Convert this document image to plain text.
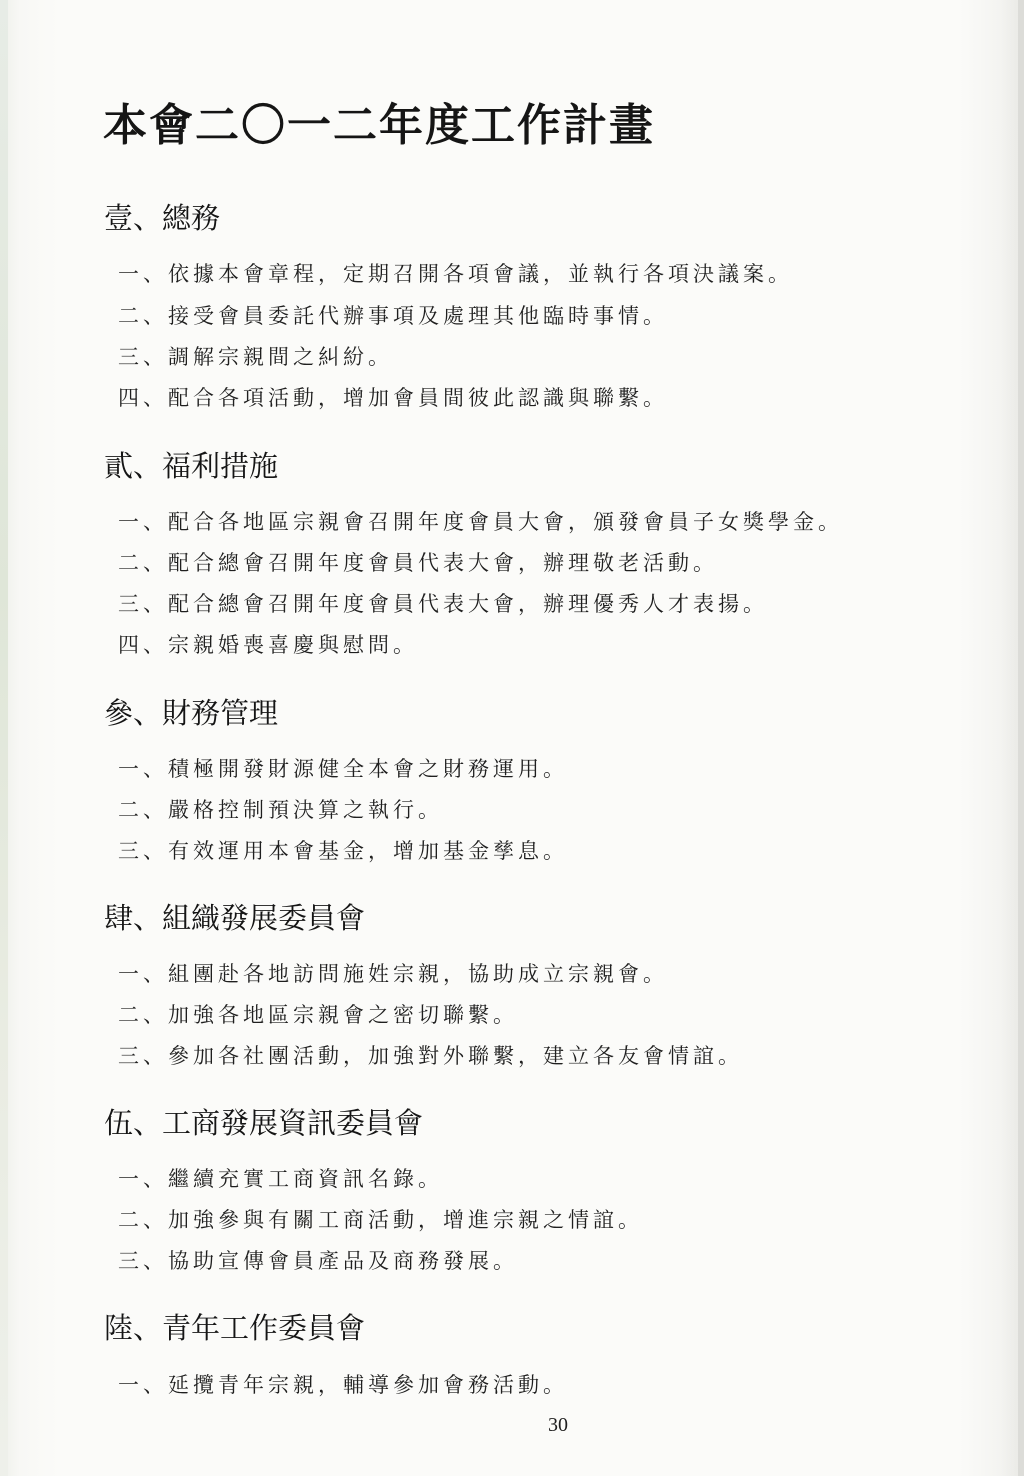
本會二〇一二年度工作計畫
壹、總務
一、依據本會章程，定期召開各項會議，並執行各項決議案。
二、接受會員委託代辦事項及處理其他臨時事情。
三、調解宗親間之糾紛。
四、配合各項活動，增加會員間彼此認識與聯繫。
貳、福利措施
一、配合各地區宗親會召開年度會員大會，頒發會員子女獎學金。
二、配合總會召開年度會員代表大會，辦理敬老活動。
三、配合總會召開年度會員代表大會，辦理優秀人才表揚。
四、宗親婚喪喜慶與慰問。
參、財務管理
一、積極開發財源健全本會之財務運用。
二、嚴格控制預決算之執行。
三、有效運用本會基金，增加基金孳息。
肆、組織發展委員會
一、組團赴各地訪問施姓宗親，協助成立宗親會。
二、加強各地區宗親會之密切聯繫。
三、參加各社團活動，加強對外聯繫，建立各友會情誼。
伍、工商發展資訊委員會
一、繼續充實工商資訊名錄。
二、加強參與有關工商活動，增進宗親之情誼。
三、協助宣傳會員產品及商務發展。
陸、青年工作委員會
一、延攬青年宗親，輔導參加會務活動。
30
